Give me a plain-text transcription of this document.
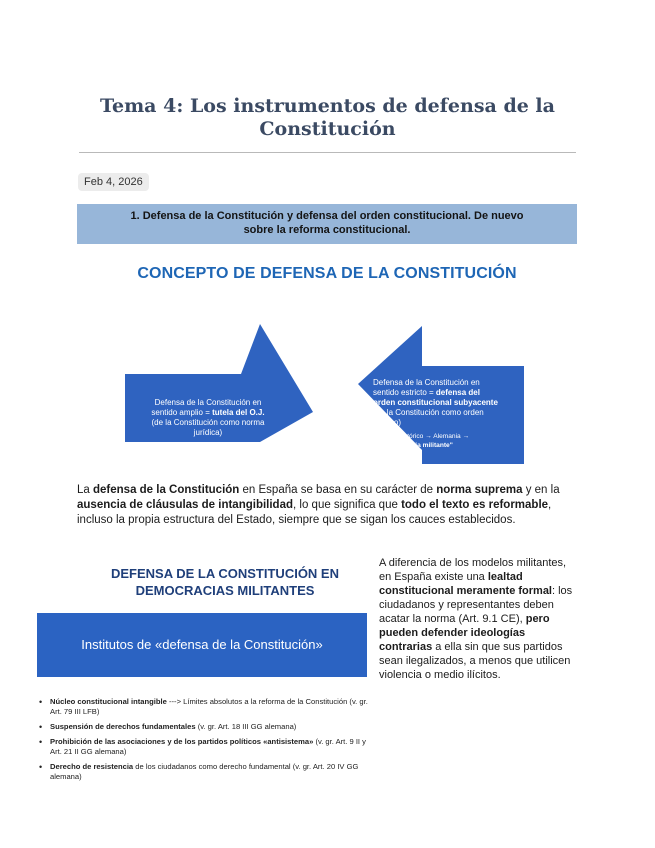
Tema 4: Los instrumentos de defensa de la
Constitución
Feb 4, 2026
1. Defensa de la Constitución y defensa del orden constitucional. De nuevo
sobre la reforma constitucional.
CONCEPTO DE DEFENSA DE LA CONSTITUCIÓN
Defensa de la Constitución en
sentido amplio = tutela del O.J.
(de la Constitución como norma
jurídica)
Defensa de la Constitución en
sentido estricto = defensa del
orden constitucional subyacente
(de la Constitución como orden
político)
• Origen histórico → Alemania →
"democracia militante"
La defensa de la Constitución en España se basa en su carácter de norma suprema y en la ausencia de cláusulas de intangibilidad, lo que significa que todo el texto es reformable, incluso la propia estructura del Estado, siempre que se sigan los cauces establecidos.
DEFENSA DE LA CONSTITUCIÓN EN
DEMOCRACIAS MILITANTES
Institutos de «defensa de la Constitución»
• Núcleo constitucional intangible ---> Límites absolutos a la reforma de la Constitución (v. gr. Art. 79 III LFB)
• Suspensión de derechos fundamentales (v. gr. Art. 18 III GG alemana)
• Prohibición de las asociaciones y de los partidos políticos «antisistema» (v. gr. Art. 9 II y Art. 21 II GG alemana)
• Derecho de resistencia de los ciudadanos como derecho fundamental (v. gr. Art. 20 IV GG alemana)
A diferencia de los modelos militantes, en España existe una lealtad constitucional meramente formal: los ciudadanos y representantes deben acatar la norma (Art. 9.1 CE), pero pueden defender ideologías contrarias a ella sin que sus partidos sean ilegalizados, a menos que utilicen violencia o medio ilícitos.
